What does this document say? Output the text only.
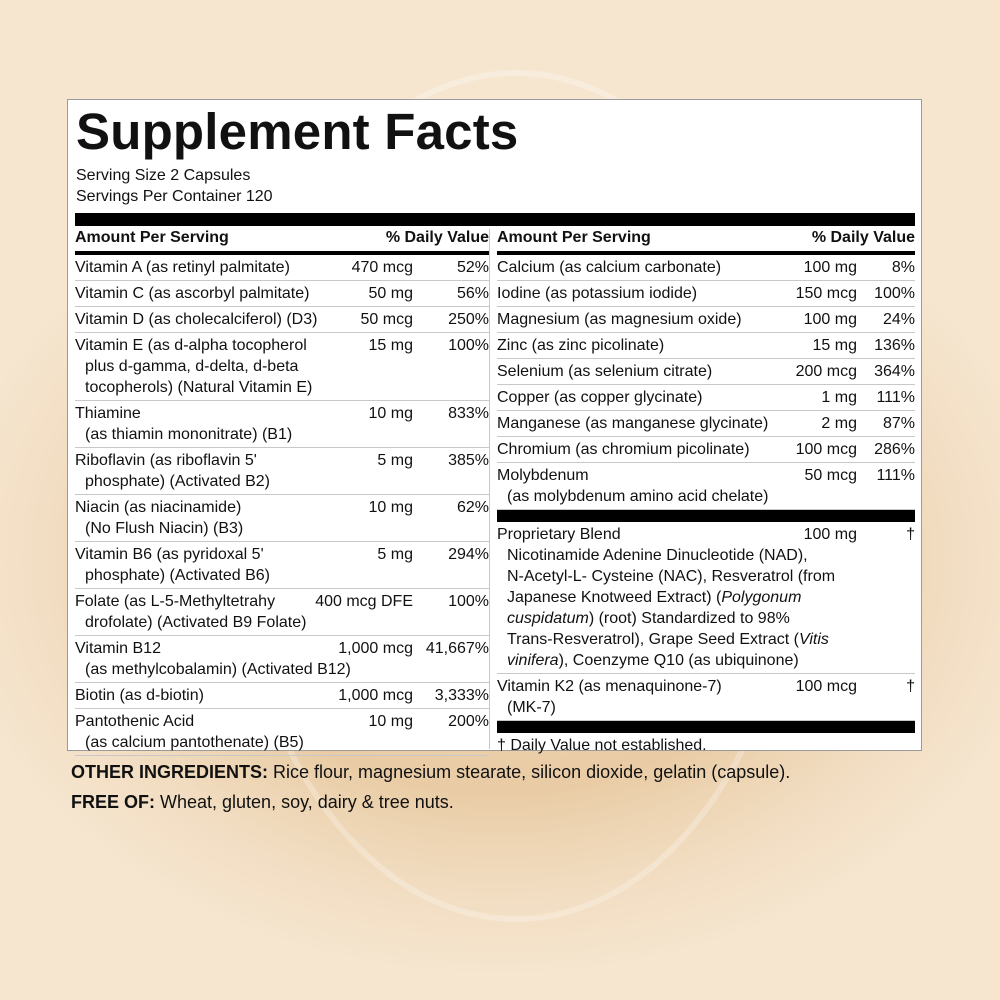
Supplement Facts
Serving Size 2 Capsules
Servings Per Container 120
Amount Per Serving	% Daily Value
Vitamin A (as retinyl palmitate)	470 mcg	52%
Vitamin C (as ascorbyl palmitate)	50 mg	56%
Vitamin D (as cholecalciferol) (D3)	50 mcg 250%
Vitamin E (as d-alpha tocopherol
plus d-gamma, d-delta, d-beta
tocopherols) (Natural Vitamin E)
15 mg 100%
Thiamine
(as thiamin mononitrate) (B1)
10 mg 833%
Riboflavin (as riboflavin 5'
phosphate) (Activated B2)
5 mg 385%
Niacin (as niacinamide)
(No Flush Niacin) (B3)
10 mg	62%
Vitamin B6 (as pyridoxal 5'
phosphate) (Activated B6)
5 mg 294%
Folate (as L-5-Methyltetrahy
drofolate) (Activated B9 Folate)
400 mcg DFE 100%
Vitamin B12
(as methylcobalamin) (Activated B12)
1,000 mcg 41,667%
Biotin (as d-biotin)	1,000 mcg 3,333%
Pantothenic Acid
(as calcium pantothenate) (B5)
10 mg 200%
Amount Per Serving	% Daily Value
Calcium (as calcium carbonate)	100 mg 8%
Iodine (as potassium iodide)	150 mcg 100%
Magnesium (as magnesium oxide)	100 mg 24%
Zinc (as zinc picolinate)	15 mg 136%
Selenium (as selenium citrate)	200 mcg 364%
Copper (as copper glycinate)	1 mg 111%
Manganese (as manganese glycinate)	2 mg 87%
Chromium (as chromium picolinate)	100 mcg 286%
Molybdenum
(as molybdenum amino acid chelate)
50 mcg 111%
Proprietary Blend
Nicotinamide Adenine Dinucleotide (NAD),
N-Acetyl-L- Cysteine (NAC), Resveratrol (from
Japanese Knotweed Extract) (Polygonum
cuspidatum) (root) Standardized to 98%
Trans-Resveratrol), Grape Seed Extract (Vitis
vinifera), Coenzyme Q10 (as ubiquinone)
100 mg	†
Vitamin K2 (as menaquinone-7)
(MK-7)
100 mcg	†
† Daily Value not established.
OTHER INGREDIENTS: Rice flour, magnesium stearate, silicon dioxide, gelatin (capsule).
FREE OF: Wheat, gluten, soy, dairy & tree nuts.
